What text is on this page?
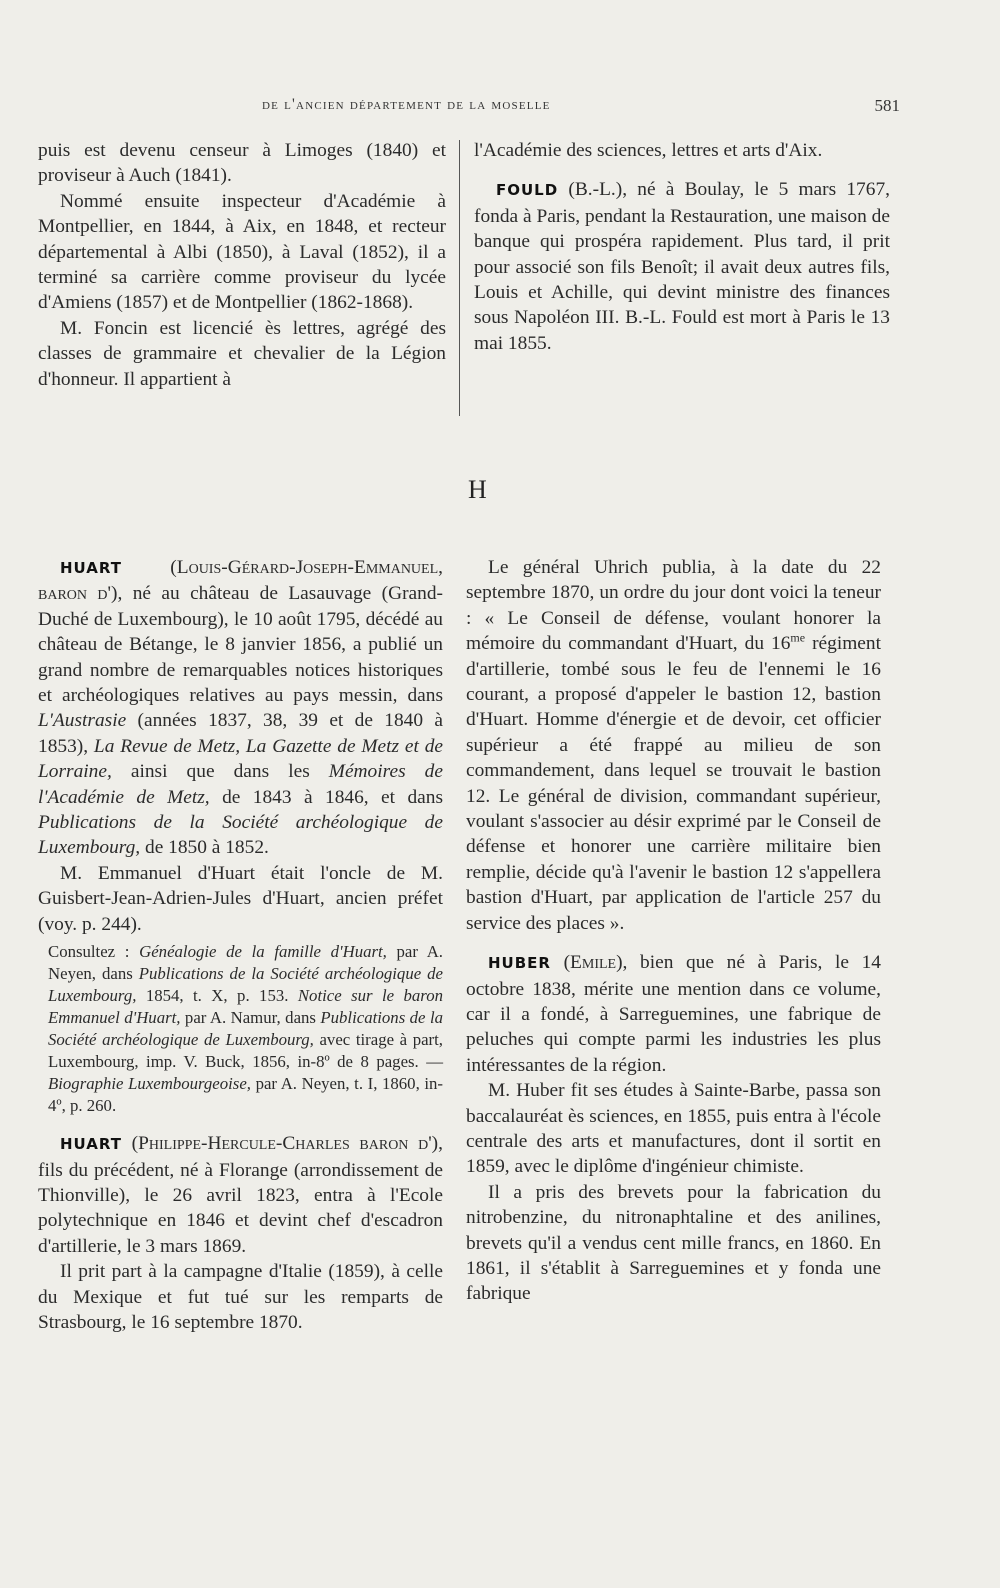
de l'ancien département de la moselle	581

puis est devenu censeur à Limoges (1840) et proviseur à Auch (1841).

Nommé ensuite inspecteur d'Académie à Montpellier, en 1844, à Aix, en 1848, et recteur départemental à Albi (1850), à Laval (1852), il a terminé sa carrière comme proviseur du lycée d'Amiens (1857) et de Montpellier (1862-1868).

M. Foncin est licencié ès lettres, agrégé des classes de grammaire et chevalier de la Légion d'honneur. Il appartient à

l'Académie des sciences, lettres et arts d'Aix.

FOULD (B.-L.), né à Boulay, le 5 mars 1767, fonda à Paris, pendant la Restauration, une maison de banque qui prospéra rapidement. Plus tard, il prit pour associé son fils Benoît; il avait deux autres fils, Louis et Achille, qui devint ministre des finances sous Napoléon III. B.-L. Fould est mort à Paris le 13 mai 1855.

H

HUART (Louis-Gérard-Joseph-Emmanuel, baron d'), né au château de Lasauvage (Grand-Duché de Luxembourg), le 10 août 1795, décédé au château de Bétange, le 8 janvier 1856, a publié un grand nombre de remarquables notices historiques et archéologiques relatives au pays messin, dans L'Austrasie (années 1837, 38, 39 et de 1840 à 1853), La Revue de Metz, La Gazette de Metz et de Lorraine, ainsi que dans les Mémoires de l'Académie de Metz, de 1843 à 1846, et dans Publications de la Société archéologique de Luxembourg, de 1850 à 1852.

M. Emmanuel d'Huart était l'oncle de M. Guisbert-Jean-Adrien-Jules d'Huart, ancien préfet (voy. p. 244).

Consultez : Généalogie de la famille d'Huart, par A. Neyen, dans Publications de la Société archéologique de Luxembourg, 1854, t. X, p. 153. Notice sur le baron Emmanuel d'Huart, par A. Namur, dans Publications de la Société archéologique de Luxembourg, avec tirage à part, Luxembourg, imp. V. Buck, 1856, in-8º de 8 pages. — Biographie Luxembourgeoise, par A. Neyen, t. I, 1860, in-4º, p. 260.

HUART (Philippe-Hercule-Charles baron d'), fils du précédent, né à Florange (arrondissement de Thionville), le 26 avril 1823, entra à l'Ecole polytechnique en 1846 et devint chef d'escadron d'artillerie, le 3 mars 1869.

Il prit part à la campagne d'Italie (1859), à celle du Mexique et fut tué sur les remparts de Strasbourg, le 16 septembre 1870.

Le général Uhrich publia, à la date du 22 septembre 1870, un ordre du jour dont voici la teneur : « Le Conseil de défense, voulant honorer la mémoire du commandant d'Huart, du $16^{me}$ régiment d'artillerie, tombé sous le feu de l'ennemi le 16 courant, a proposé d'appeler le bastion 12, bastion d'Huart. Homme d'énergie et de devoir, cet officier supérieur a été frappé au milieu de son commandement, dans lequel se trouvait le bastion 12. Le général de division, commandant supérieur, voulant s'associer au désir exprimé par le Conseil de défense et honorer une carrière militaire bien remplie, décide qu'à l'avenir le bastion 12 s'appellera bastion d'Huart, par application de l'article 257 du service des places ».

HUBER (Emile), bien que né à Paris, le 14 octobre 1838, mérite une mention dans ce volume, car il a fondé, à Sarreguemines, une fabrique de peluches qui compte parmi les industries les plus intéressantes de la région.

M. Huber fit ses études à Sainte-Barbe, passa son baccalauréat ès sciences, en 1855, puis entra à l'école centrale des arts et manufactures, dont il sortit en 1859, avec le diplôme d'ingénieur chimiste.

Il a pris des brevets pour la fabrication du nitrobenzine, du nitronaphtaline et des anilines, brevets qu'il a vendus cent mille francs, en 1860. En 1861, il s'établit à Sarreguemines et y fonda une fabrique
